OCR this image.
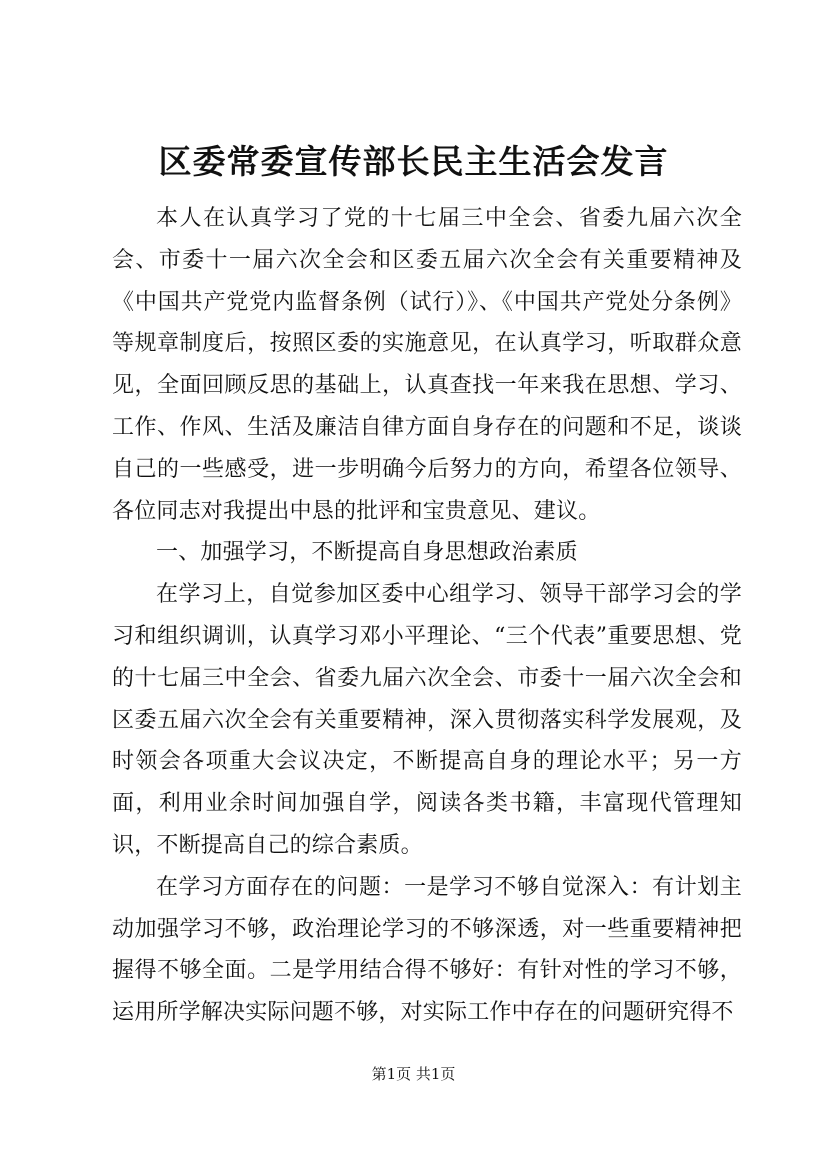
区委常委宣传部长民主生活会发言

本人在认真学习了党的十七届三中全会、省委九届六次全会、市委十一届六次全会和区委五届六次全会有关重要精神及《中国共产党党内监督条例（试行）》、《中国共产党处分条例》等规章制度后，按照区委的实施意见，在认真学习，听取群众意见，全面回顾反思的基础上，认真查找一年来我在思想、学习、工作、作风、生活及廉洁自律方面自身存在的问题和不足，谈谈自己的一些感受，进一步明确今后努力的方向，希望各位领导、各位同志对我提出中恳的批评和宝贵意见、建议。

一、加强学习，不断提高自身思想政治素质

在学习上，自觉参加区委中心组学习、领导干部学习会的学习和组织调训，认真学习邓小平理论、“三个代表”重要思想、党的十七届三中全会、省委九届六次全会、市委十一届六次全会和区委五届六次全会有关重要精神，深入贯彻落实科学发展观，及时领会各项重大会议决定，不断提高自身的理论水平；另一方面，利用业余时间加强自学，阅读各类书籍，丰富现代管理知识，不断提高自己的综合素质。

在学习方面存在的问题：一是学习不够自觉深入：有计划主动加强学习不够，政治理论学习的不够深透，对一些重要精神把握得不够全面。二是学用结合得不够好：有针对性的学习不够，运用所学解决实际问题不够，对实际工作中存在的问题研究得不

第1页 共1页
